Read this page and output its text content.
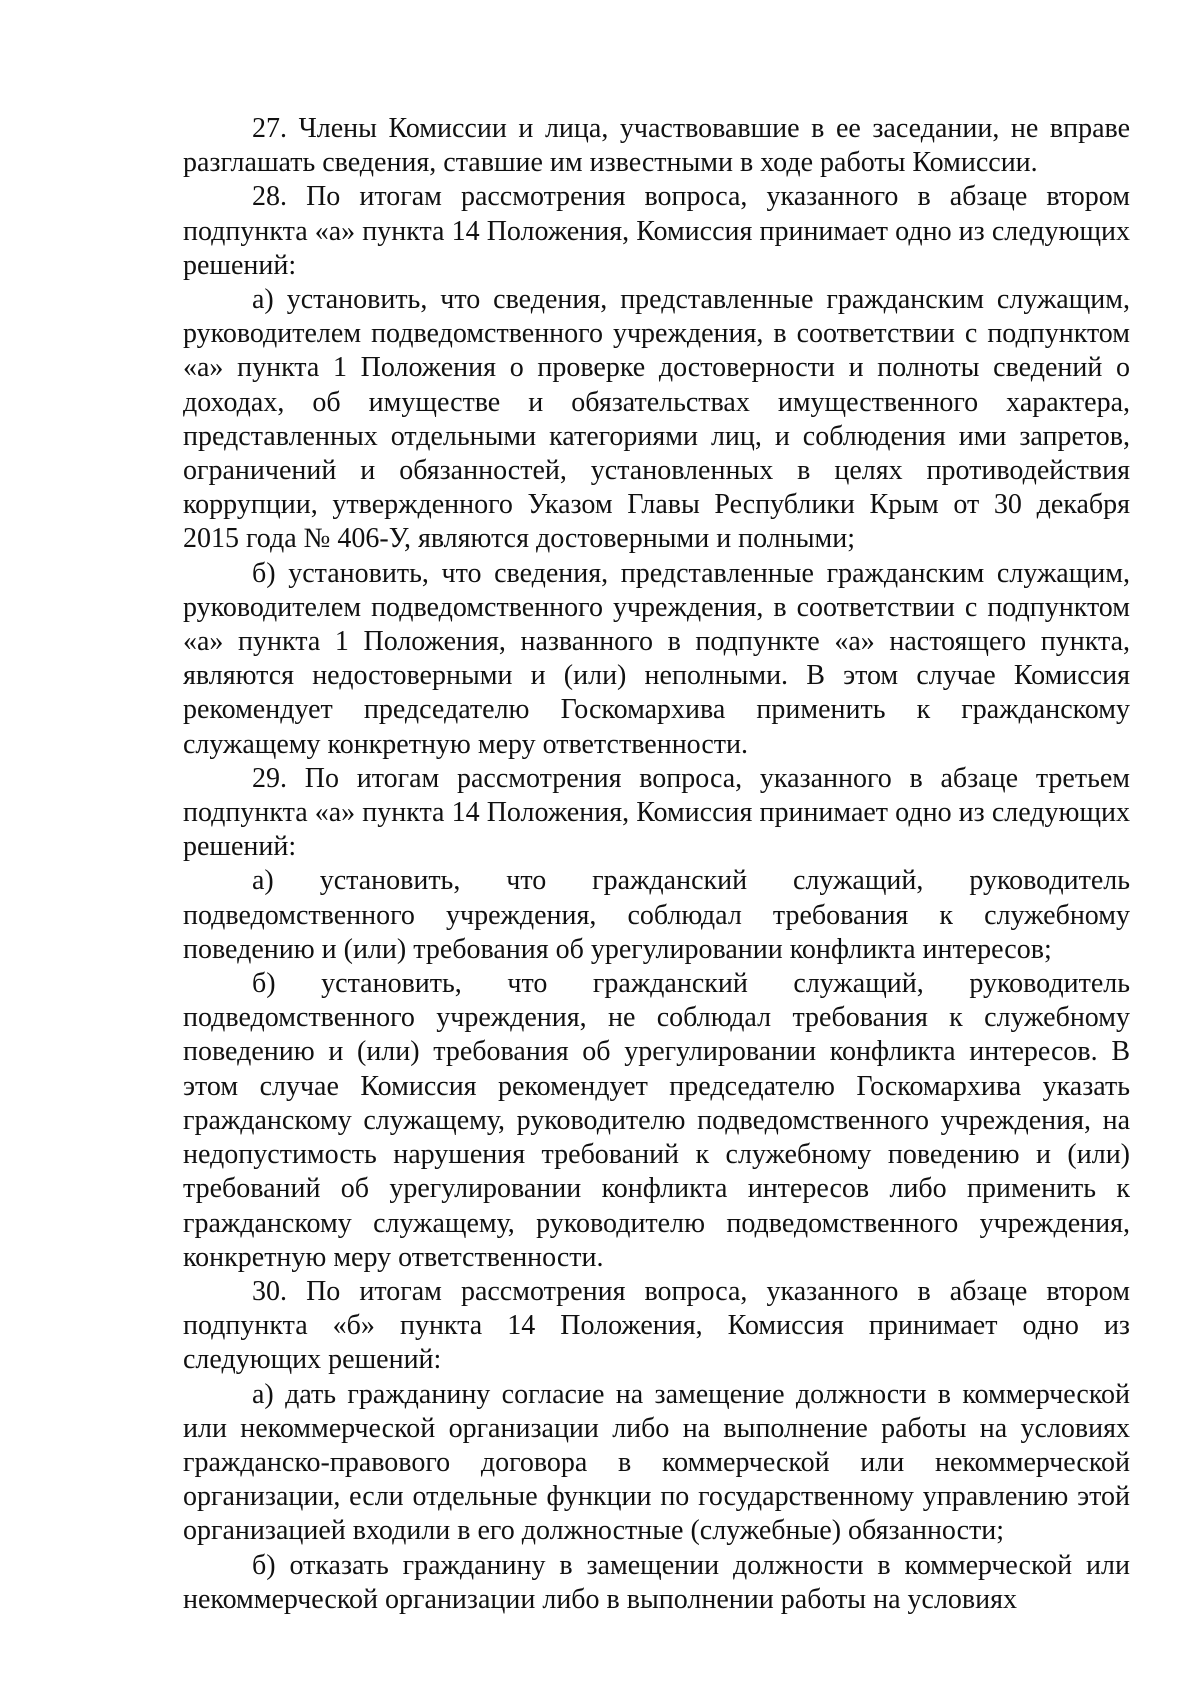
27. Члены Комиссии и лица, участвовавшие в ее заседании, не вправе разглашать сведения, ставшие им известными в ходе работы Комиссии.

28. По итогам рассмотрения вопроса, указанного в абзаце втором подпункта «а» пункта 14 Положения, Комиссия принимает одно из следующих решений:

а) установить, что сведения, представленные гражданским служащим, руководителем подведомственного учреждения, в соответствии с подпунктом «а» пункта 1 Положения о проверке достоверности и полноты сведений о доходах, об имуществе и обязательствах имущественного характера, представленных отдельными категориями лиц, и соблюдения ими запретов, ограничений и обязанностей, установленных в целях противодействия коррупции, утвержденного Указом Главы Республики Крым от 30 декабря 2015 года № 406-У, являются достоверными и полными;

б) установить, что сведения, представленные гражданским служащим, руководителем подведомственного учреждения, в соответствии с подпунктом «а» пункта 1 Положения, названного в подпункте «а» настоящего пункта, являются недостоверными и (или) неполными. В этом случае Комиссия рекомендует председателю Госкомархива применить к гражданскому служащему конкретную меру ответственности.

29. По итогам рассмотрения вопроса, указанного в абзаце третьем подпункта «а» пункта 14 Положения, Комиссия принимает одно из следующих решений:

а) установить, что гражданский служащий, руководитель подведомственного учреждения, соблюдал требования к служебному поведению и (или) требования об урегулировании конфликта интересов;

б) установить, что гражданский служащий, руководитель подведомственного учреждения, не соблюдал требования к служебному поведению и (или) требования об урегулировании конфликта интересов. В этом случае Комиссия рекомендует председателю Госкомархива указать гражданскому служащему, руководителю подведомственного учреждения, на недопустимость нарушения требований к служебному поведению и (или) требований об урегулировании конфликта интересов либо применить к гражданскому служащему, руководителю подведомственного учреждения, конкретную меру ответственности.

30. По итогам рассмотрения вопроса, указанного в абзаце втором подпункта «б» пункта 14 Положения, Комиссия принимает одно из следующих решений:

а) дать гражданину согласие на замещение должности в коммерческой или некоммерческой организации либо на выполнение работы на условиях гражданско-правового договора в коммерческой или некоммерческой организации, если отдельные функции по государственному управлению этой организацией входили в его должностные (служебные) обязанности;

б) отказать гражданину в замещении должности в коммерческой или некоммерческой организации либо в выполнении работы на условиях
